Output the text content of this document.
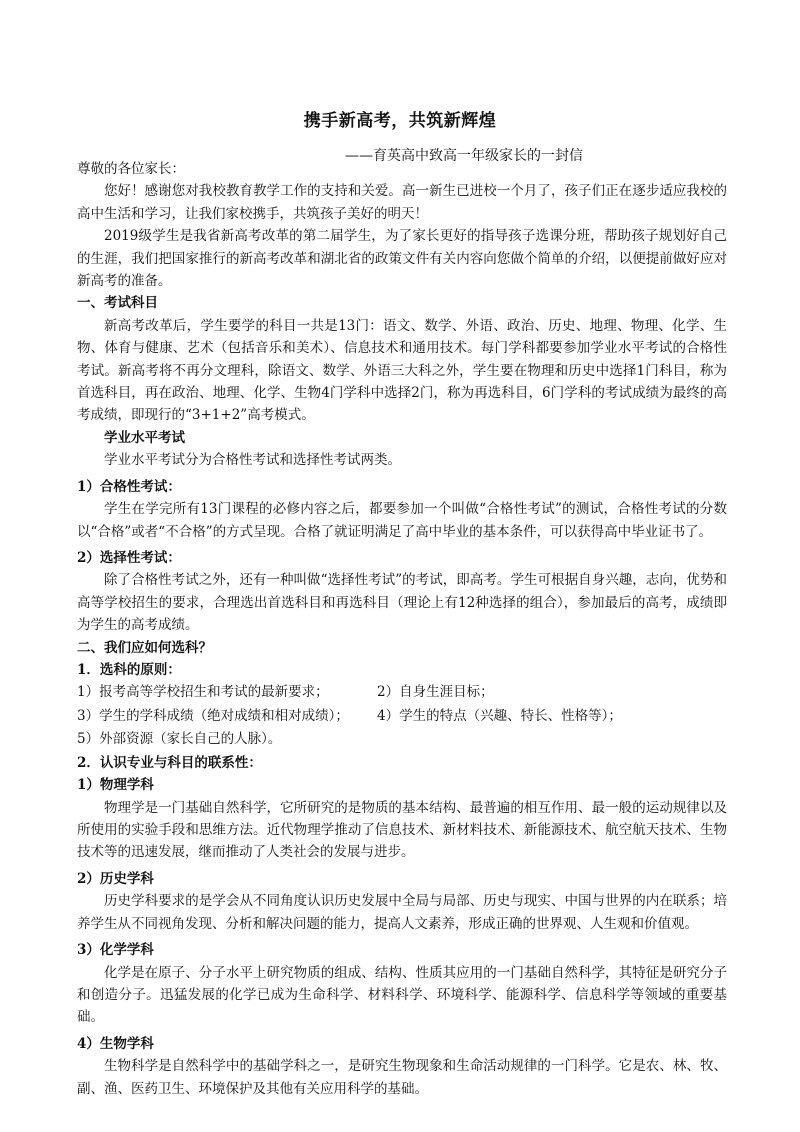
携手新高考，共筑新辉煌
——育英高中致高一年级家长的一封信

尊敬的各位家长：

您好！感谢您对我校教育教学工作的支持和关爱。高一新生已进校一个月了，孩子们正在逐步适应我校的高中生活和学习，让我们家校携手，共筑孩子美好的明天！

2019级学生是我省新高考改革的第二届学生，为了家长更好的指导孩子选课分班，帮助孩子规划好自己的生涯，我们把国家推行的新高考改革和湖北省的政策文件有关内容向您做个简单的介绍，以便提前做好应对新高考的准备。

一、考试科目

新高考改革后，学生要学的科目一共是13门：语文、数学、外语、政治、历史、地理、物理、化学、生物、体育与健康、艺术（包括音乐和美术）、信息技术和通用技术。每门学科都要参加学业水平考试的合格性考试。新高考将不再分文理科，除语文、数学、外语三大科之外，学生要在物理和历史中选择1门科目，称为首选科目，再在政治、地理、化学、生物4门学科中选择2门，称为再选科目，6门学科的考试成绩为最终的高考成绩，即现行的“3+1+2”高考模式。

学业水平考试

学业水平考试分为合格性考试和选择性考试两类。

1）合格性考试：

学生在学完所有13门课程的必修内容之后，都要参加一个叫做“合格性考试”的测试，合格性考试的分数以“合格”或者“不合格”的方式呈现。合格了就证明满足了高中毕业的基本条件，可以获得高中毕业证书了。

2）选择性考试：

除了合格性考试之外，还有一种叫做“选择性考试”的考试，即高考。学生可根据自身兴趣，志向，优势和高等学校招生的要求，合理选出首选科目和再选科目（理论上有12种选择的组合），参加最后的高考，成绩即为学生的高考成绩。

二、我们应如何选科？

1．选科的原则：

1）报考高等学校招生和考试的最新要求；	2）自身生涯目标；

3）学生的学科成绩（绝对成绩和相对成绩）； 4）学生的特点（兴趣、特长、性格等）；

5）外部资源（家长自己的人脉）。

2．认识专业与科目的联系性：

1）物理学科

物理学是一门基础自然科学，它所研究的是物质的基本结构、最普遍的相互作用、最一般的运动规律以及所使用的实验手段和思维方法。近代物理学推动了信息技术、新材料技术、新能源技术、航空航天技术、生物技术等的迅速发展，继而推动了人类社会的发展与进步。

2）历史学科

历史学科要求的是学会从不同角度认识历史发展中全局与局部、历史与现实、中国与世界的内在联系；培养学生从不同视角发现、分析和解决问题的能力，提高人文素养，形成正确的世界观、人生观和价值观。

3）化学学科

化学是在原子、分子水平上研究物质的组成、结构、性质其应用的一门基础自然科学，其特征是研究分子和创造分子。迅猛发展的化学已成为生命科学、材料科学、环境科学、能源科学、信息科学等领域的重要基础。

4）生物学科

生物科学是自然科学中的基础学科之一，是研究生物现象和生命活动规律的一门科学。它是农、林、牧、副、渔、医药卫生、环境保护及其他有关应用科学的基础。
